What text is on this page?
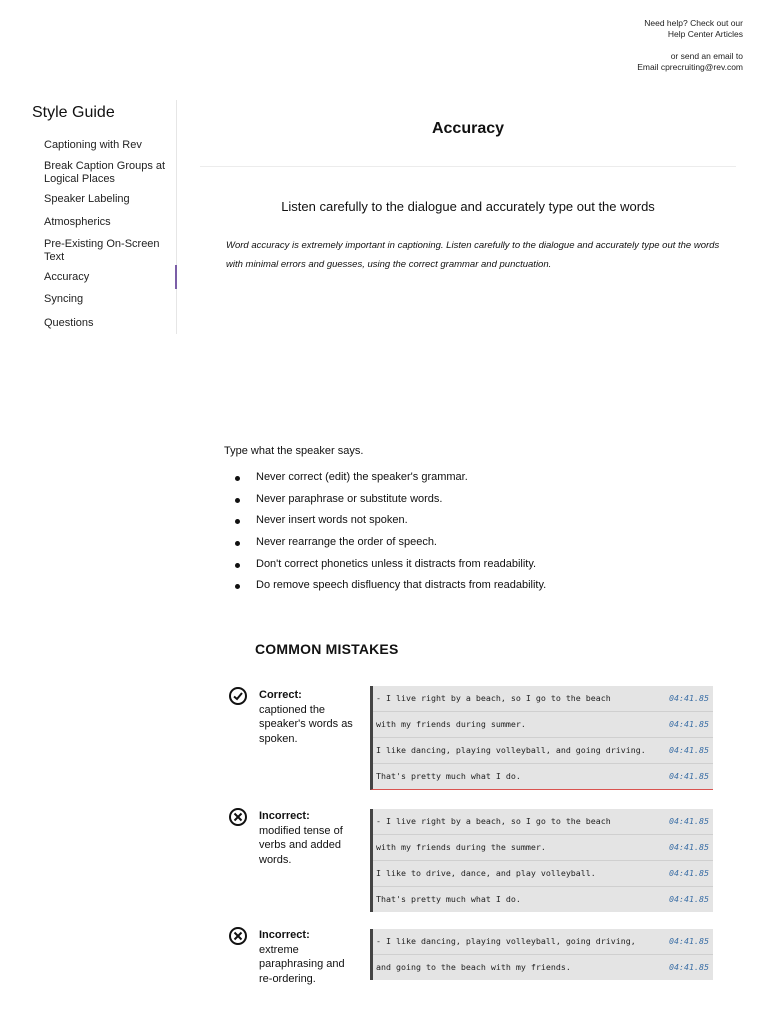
Need help? Check out our
Help Center Articles
or send an email to
Email cprecruiting@rev.com
Style Guide
Captioning with Rev
Break Caption Groups at Logical Places
Speaker Labeling
Atmospherics
Pre-Existing On-Screen Text
Accuracy
Syncing
Questions
Accuracy
Listen carefully to the dialogue and accurately type out the words
Word accuracy is extremely important in captioning. Listen carefully to the dialogue and accurately type out the words with minimal errors and guesses, using the correct grammar and punctuation.
Type what the speaker says.
Never correct (edit) the speaker's grammar.
Never paraphrase or substitute words.
Never insert words not spoken.
Never rearrange the order of speech.
Don't correct phonetics unless it distracts from readability.
Do remove speech disfluency that distracts from readability.
COMMON MISTAKES
Correct:
captioned the speaker's words as spoken.
- I live right by a beach, so I go to the beach	04:41.85
with my friends during summer.	04:41.85
I like dancing, playing volleyball, and going driving.	04:41.85
That's pretty much what I do.	04:41.85
Incorrect:
modified tense of verbs and added words.
- I live right by a beach, so I go to the beach	04:41.85
with my friends during the summer.	04:41.85
I like to drive, dance, and play volleyball.	04:41.85
That's pretty much what I do.	04:41.85
Incorrect:
extreme paraphrasing and re-ordering.
- I like dancing, playing volleyball, going driving,	04:41.85
and going to the beach with my friends.	04:41.85
